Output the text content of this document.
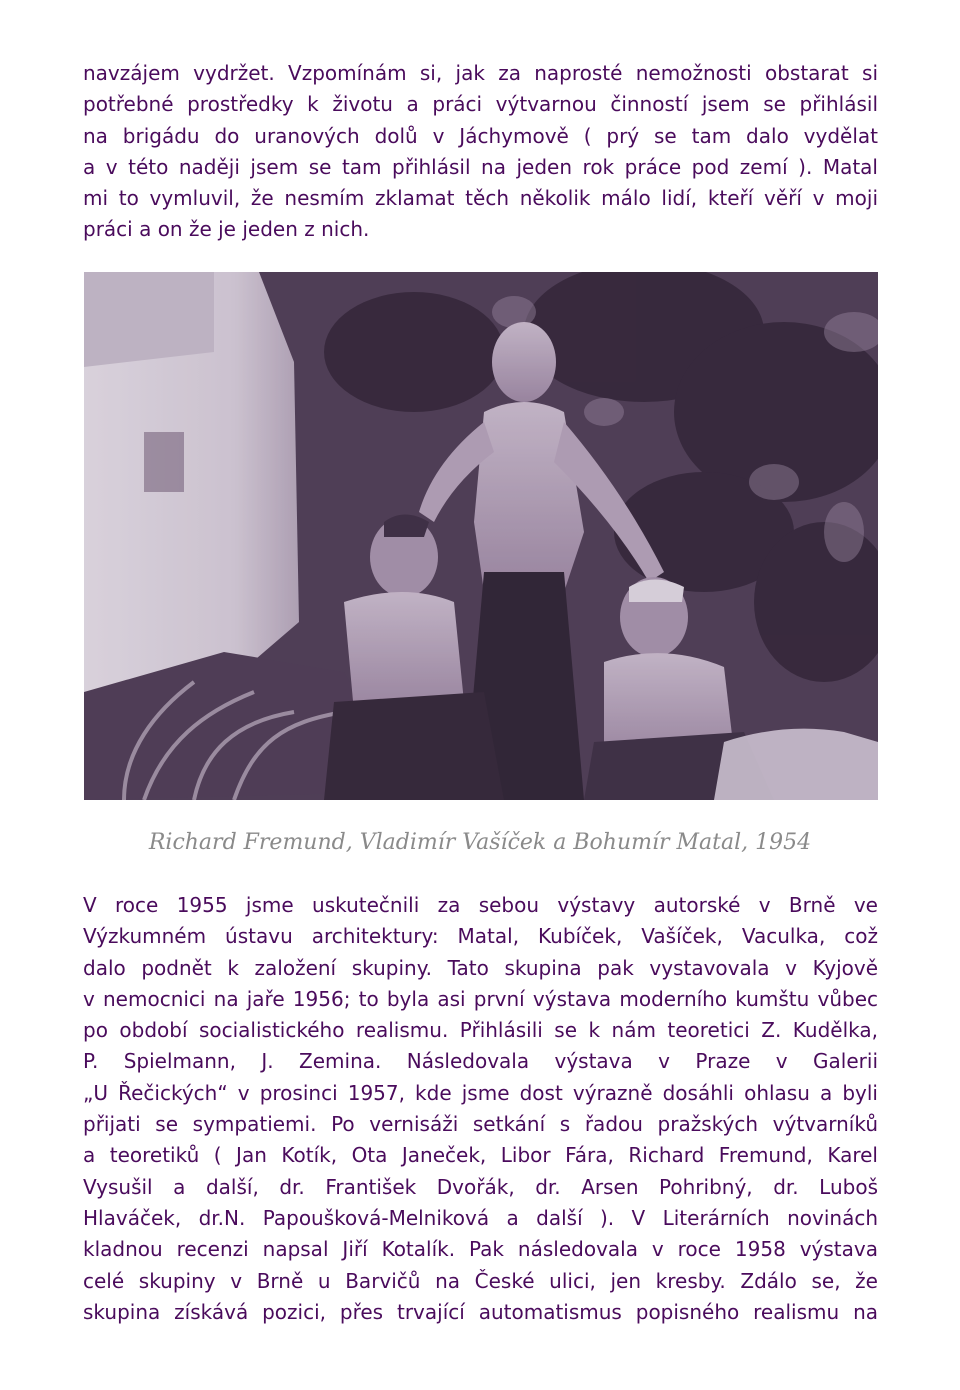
navzájem vydržet. Vzpomínám si, jak za naprosté nemožnosti obstarat si
potřebné prostředky k životu a práci výtvarnou činností jsem se přihlásil
na brigádu do uranových dolů v Jáchymově ( prý se tam dalo vydělat
a v této naději jsem se tam přihlásil na jeden rok práce pod zemí ). Matal
mi to vymluvil, že nesmím zklamat těch několik málo lidí, kteří věří v moji
práci a on že je jeden z nich.

Richard Fremund, Vladimír Vašíček a Bohumír Matal, 1954

V roce 1955 jsme uskutečnili za sebou výstavy autorské v Brně ve
Výzkumném ústavu architektury: Matal, Kubíček, Vašíček, Vaculka, což
dalo podnět k založení skupiny. Tato skupina pak vystavovala v Kyjově
v nemocnici na jaře 1956; to byla asi první výstava moderního kumštu vůbec
po období socialistického realismu. Přihlásili se k nám teoretici Z. Kudělka,
P. Spielmann, J. Zemina. Následovala výstava v Praze v Galerii
„U Řečických“ v prosinci 1957, kde jsme dost výrazně dosáhli ohlasu a byli
přijati se sympatiemi. Po vernisáži setkání s řadou pražských výtvarníků
a teoretiků ( Jan Kotík, Ota Janeček, Libor Fára, Richard Fremund, Karel
Vysušil a další, dr. František Dvořák, dr. Arsen Pohribný, dr. Luboš
Hlaváček, dr.N. Papoušková-Melniková a další ). V Literárních novinách
kladnou recenzi napsal Jiří Kotalík. Pak následovala v roce 1958 výstava
celé skupiny v Brně u Barvičů na České ulici, jen kresby. Zdálo se, že
skupina získává pozici, přes trvající automatismus popisného realismu na
